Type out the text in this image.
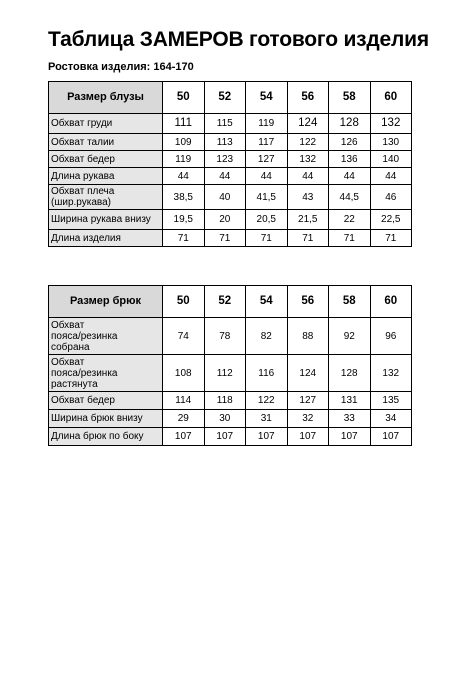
Таблица ЗАМЕРОВ готового изделия
Ростовка изделия: 164-170
Размер блузы	50	52	54	56	58	60
Обхват груди	111	115	119	124	128	132
Обхват талии	109	113	117	122	126	130
Обхват бедер	119	123	127	132	136	140
Длина рукава	44	44	44	44	44	44
Обхват плеча
(шир.рукава)	38,5	40	41,5	43	44,5	46
Ширина рукава внизу	19,5	20	20,5	21,5	22	22,5
Длина изделия	71	71	71	71	71	71
Размер брюк	50	52	54	56	58	60
Обхват
пояса/резинка
собрана	74	78	82	88	92	96
Обхват
пояса/резинка
растянута	108	112	116	124	128	132
Обхват бедер	114	118	122	127	131	135
Ширина брюк внизу	29	30	31	32	33	34
Длина брюк по боку	107	107	107	107	107	107
